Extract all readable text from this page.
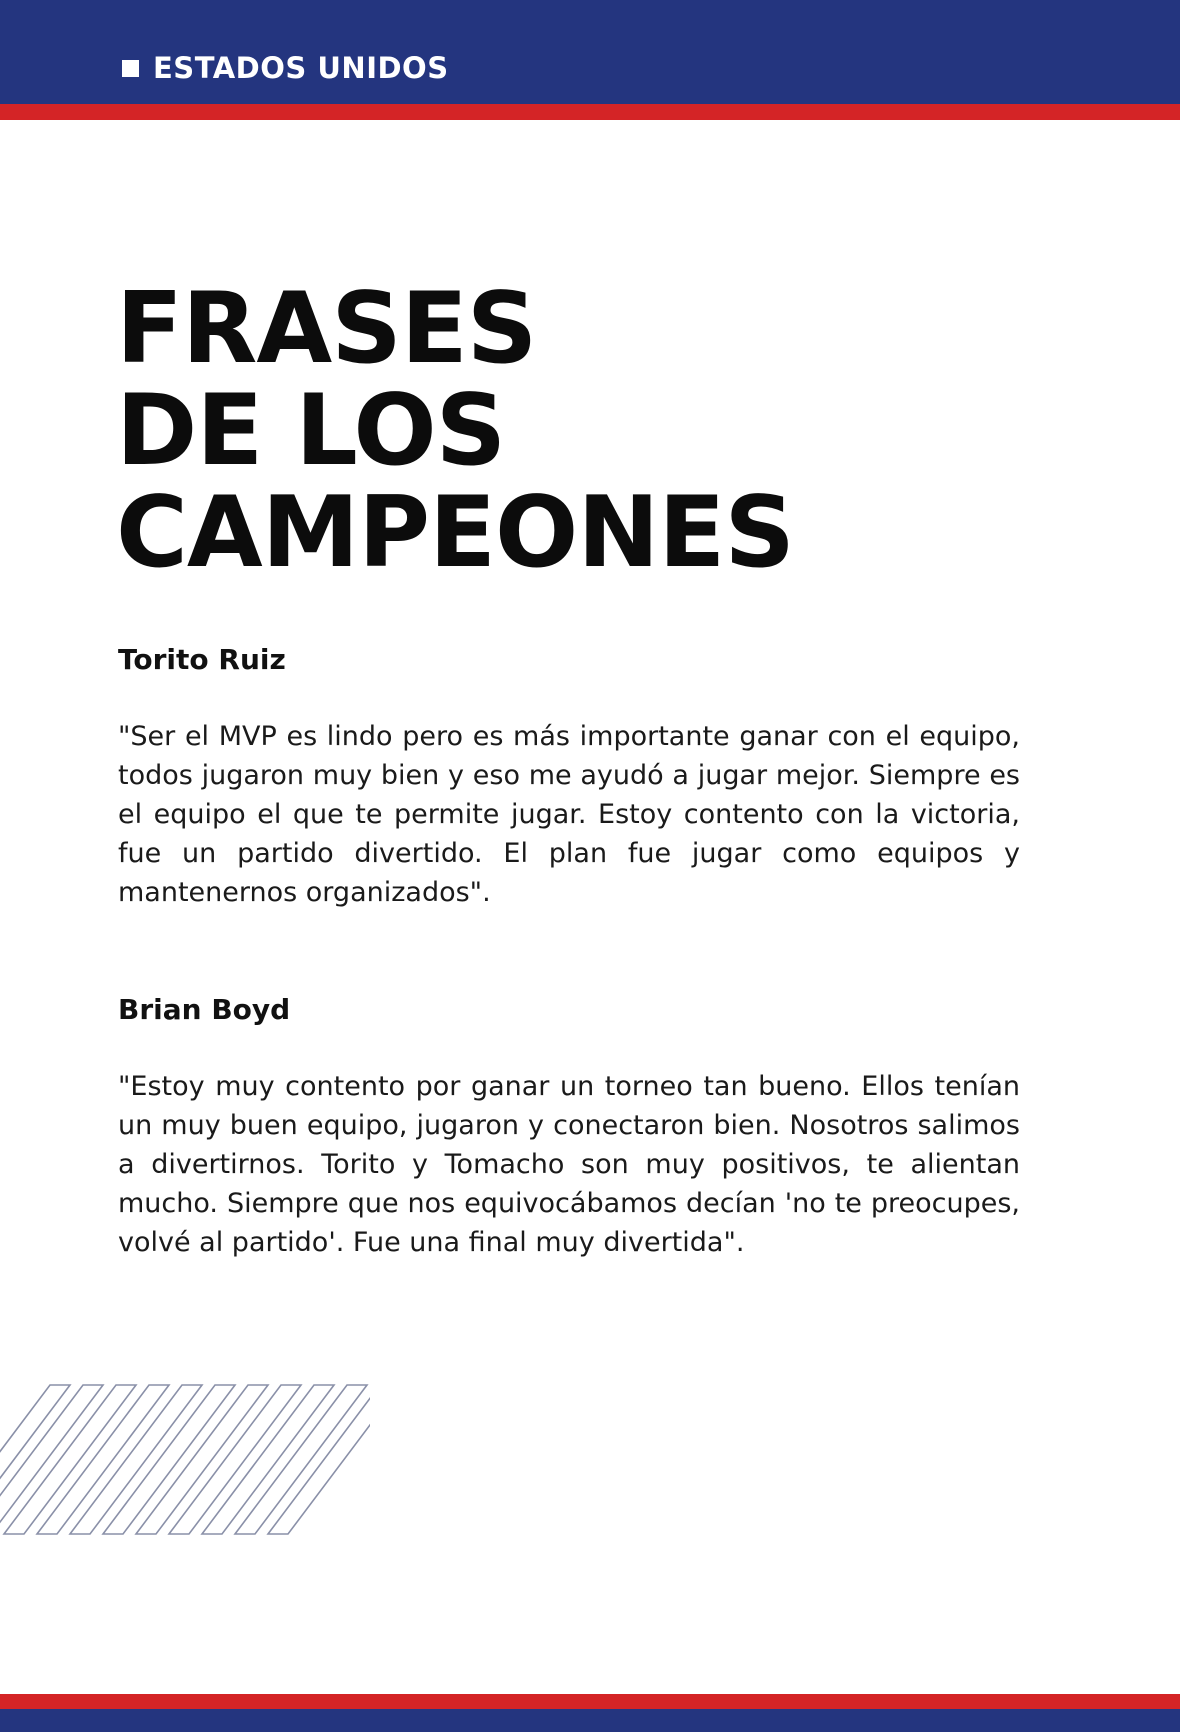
ESTADOS UNIDOS
FRASES
DE LOS
CAMPEONES
Torito Ruiz

"Ser el MVP es lindo pero es más importante ganar con el equipo, todos jugaron muy bien y eso me ayudó a jugar mejor. Siempre es el equipo el que te permite jugar. Estoy contento con la victoria, fue un partido divertido. El plan fue jugar como equipos y mantenernos organizados".

Brian Boyd

"Estoy muy contento por ganar un torneo tan bueno. Ellos tenían un muy buen equipo, jugaron y conectaron bien. Nosotros salimos a divertirnos. Torito y Tomacho son muy positivos, te alientan mucho. Siempre que nos equivocábamos decían 'no te preocupes, volvé al partido'. Fue una final muy divertida".
